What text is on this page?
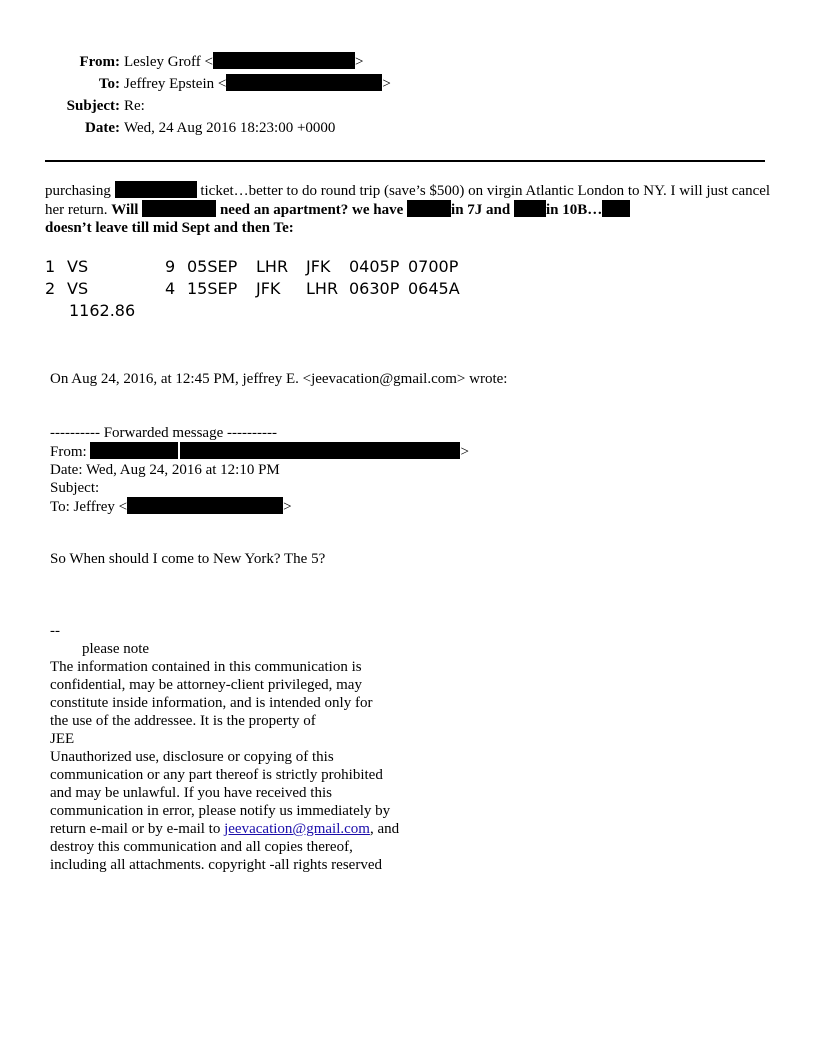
From: Lesley Groff <	>
To: Jeffrey Epstein <	>
Subject: Re:
Date: Wed, 24 Aug 2016 18:23:00 +0000
purchasing	ticket…better to do round trip (save’s $500) on virgin Atlantic London to NY. I will just cancel her return. Will	need an apartment? we have	in 7J and in 10B…
doesn’t leave till mid Sept and then Te:
1 VS	9 05SEP LHR JFK 0405P 0700P
2 VS	4 15SEP JFK LHR 0630P 0645A
1162.86
On Aug 24, 2016, at 12:45 PM, jeffrey E. <jeevacation@gmail.com> wrote:
---------- Forwarded message ----------
From:	>
Date: Wed, Aug 24, 2016 at 12:10 PM
Subject:
To: Jeffrey <	>
So When should I come to New York? The 5?
--
please note
The information contained in this communication is
confidential, may be attorney-client privileged, may
constitute inside information, and is intended only for
the use of the addressee. It is the property of
JEE
Unauthorized use, disclosure or copying of this
communication or any part thereof is strictly prohibited
and may be unlawful. If you have received this
communication in error, please notify us immediately by
return e-mail or by e-mail to jeevacation@gmail.com, and
destroy this communication and all copies thereof,
including all attachments. copyright -all rights reserved
